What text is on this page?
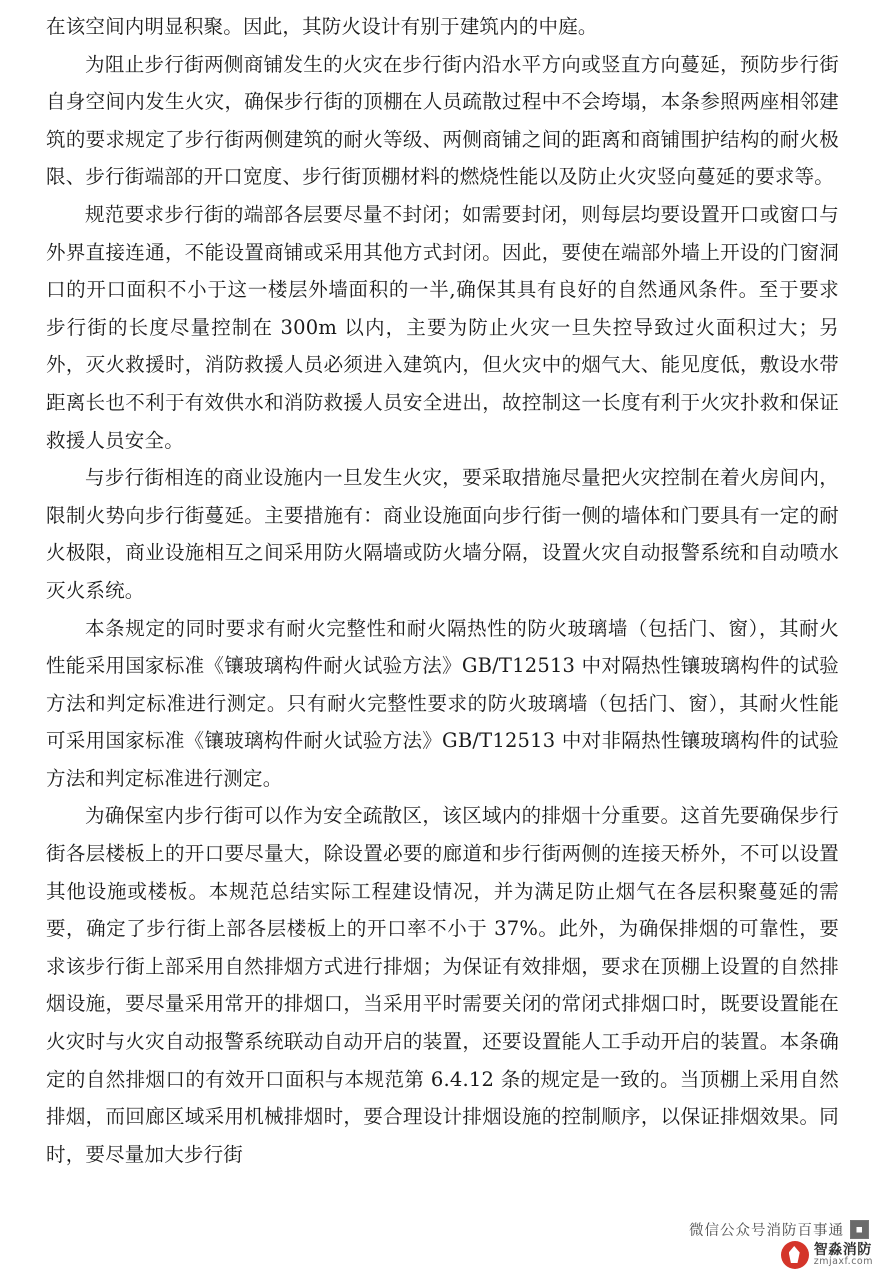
在该空间内明显积聚。因此，其防火设计有别于建筑内的中庭。

为阻止步行街两侧商铺发生的火灾在步行街内沿水平方向或竖直方向蔓延，预防步行街自身空间内发生火灾，确保步行街的顶棚在人员疏散过程中不会垮塌，本条参照两座相邻建筑的要求规定了步行街两侧建筑的耐火等级、两侧商铺之间的距离和商铺围护结构的耐火极限、步行街端部的开口宽度、步行街顶棚材料的燃烧性能以及防止火灾竖向蔓延的要求等。

规范要求步行街的端部各层要尽量不封闭；如需要封闭，则每层均要设置开口或窗口与外界直接连通，不能设置商铺或采用其他方式封闭。因此，要使在端部外墙上开设的门窗洞口的开口面积不小于这一楼层外墙面积的一半,确保其具有良好的自然通风条件。至于要求步行街的长度尽量控制在 300m 以内，主要为防止火灾一旦失控导致过火面积过大；另外，灭火救援时，消防救援人员必须进入建筑内，但火灾中的烟气大、能见度低，敷设水带距离长也不利于有效供水和消防救援人员安全进出，故控制这一长度有利于火灾扑救和保证救援人员安全。

与步行街相连的商业设施内一旦发生火灾，要采取措施尽量把火灾控制在着火房间内，限制火势向步行街蔓延。主要措施有：商业设施面向步行街一侧的墙体和门要具有一定的耐火极限，商业设施相互之间采用防火隔墙或防火墙分隔，设置火灾自动报警系统和自动喷水灭火系统。

本条规定的同时要求有耐火完整性和耐火隔热性的防火玻璃墙（包括门、窗），其耐火性能采用国家标准《镶玻璃构件耐火试验方法》GB/T12513 中对隔热性镶玻璃构件的试验方法和判定标准进行测定。只有耐火完整性要求的防火玻璃墙（包括门、窗），其耐火性能可采用国家标准《镶玻璃构件耐火试验方法》GB/T12513 中对非隔热性镶玻璃构件的试验方法和判定标准进行测定。

为确保室内步行街可以作为安全疏散区，该区域内的排烟十分重要。这首先要确保步行街各层楼板上的开口要尽量大，除设置必要的廊道和步行街两侧的连接天桥外，不可以设置其他设施或楼板。本规范总结实际工程建设情况，并为满足防止烟气在各层积聚蔓延的需要，确定了步行街上部各层楼板上的开口率不小于 37%。此外，为确保排烟的可靠性，要求该步行街上部采用自然排烟方式进行排烟；为保证有效排烟，要求在顶棚上设置的自然排烟设施，要尽量采用常开的排烟口，当采用平时需要关闭的常闭式排烟口时，既要设置能在火灾时与火灾自动报警系统联动自动开启的装置，还要设置能人工手动开启的装置。本条确定的自然排烟口的有效开口面积与本规范第 6.4.12 条的规定是一致的。当顶棚上采用自然排烟，而回廊区域采用机械排烟时，要合理设计排烟设施的控制顺序，以保证排烟效果。同时，要尽量加大步行街

微信公众号消防百事通
智淼消防
zmjaxf.com
